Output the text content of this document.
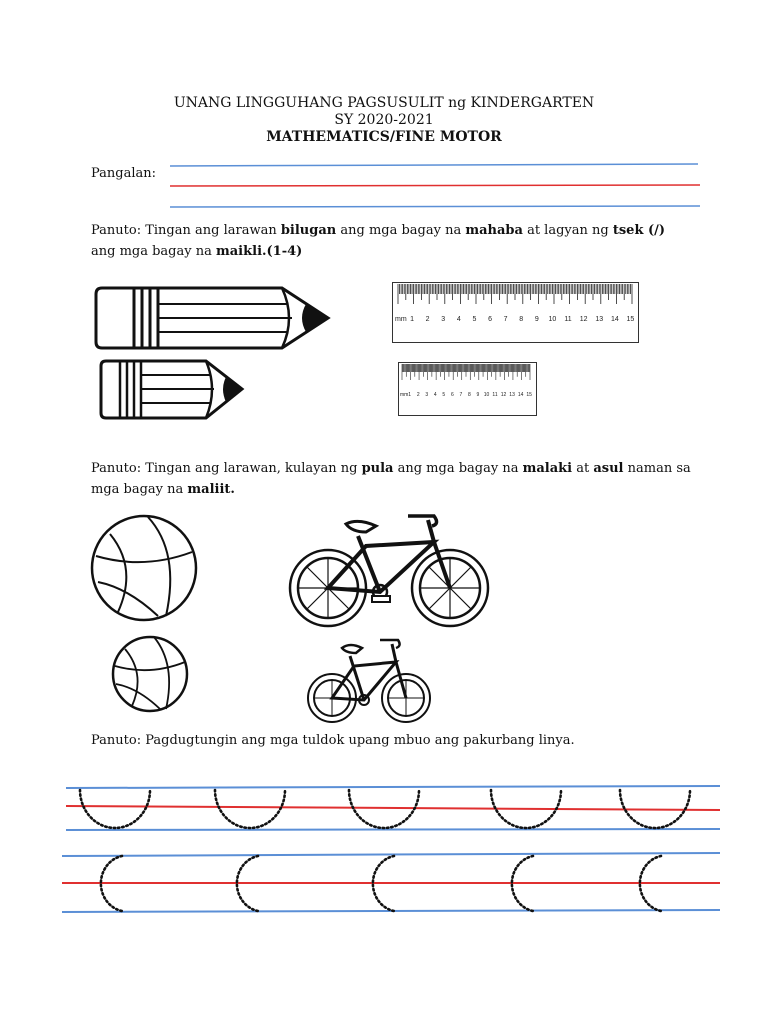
UNANG LINGGUHANG PAGSUSULIT ng KINDERGARTEN
SY 2020-2021
MATHEMATICS/FINE MOTOR
Pangalan:
Panuto: Tingan ang larawan bilugan ang mga bagay na mahaba at lagyan ng tsek (/) ang mga bagay na maikli.(1-4)
mm 1 2 3 4 5 6 7 8 9 10 11 12 13 14 15
mm 1 2 3 4 5 6 7 8 9 10 11 12 13 14 15
Panuto: Tingan ang larawan, kulayan ng pula ang mga bagay na malaki at asul naman sa mga bagay na maliit.
Panuto: Pagdugtungin ang mga tuldok upang mbuo ang pakurbang linya.
